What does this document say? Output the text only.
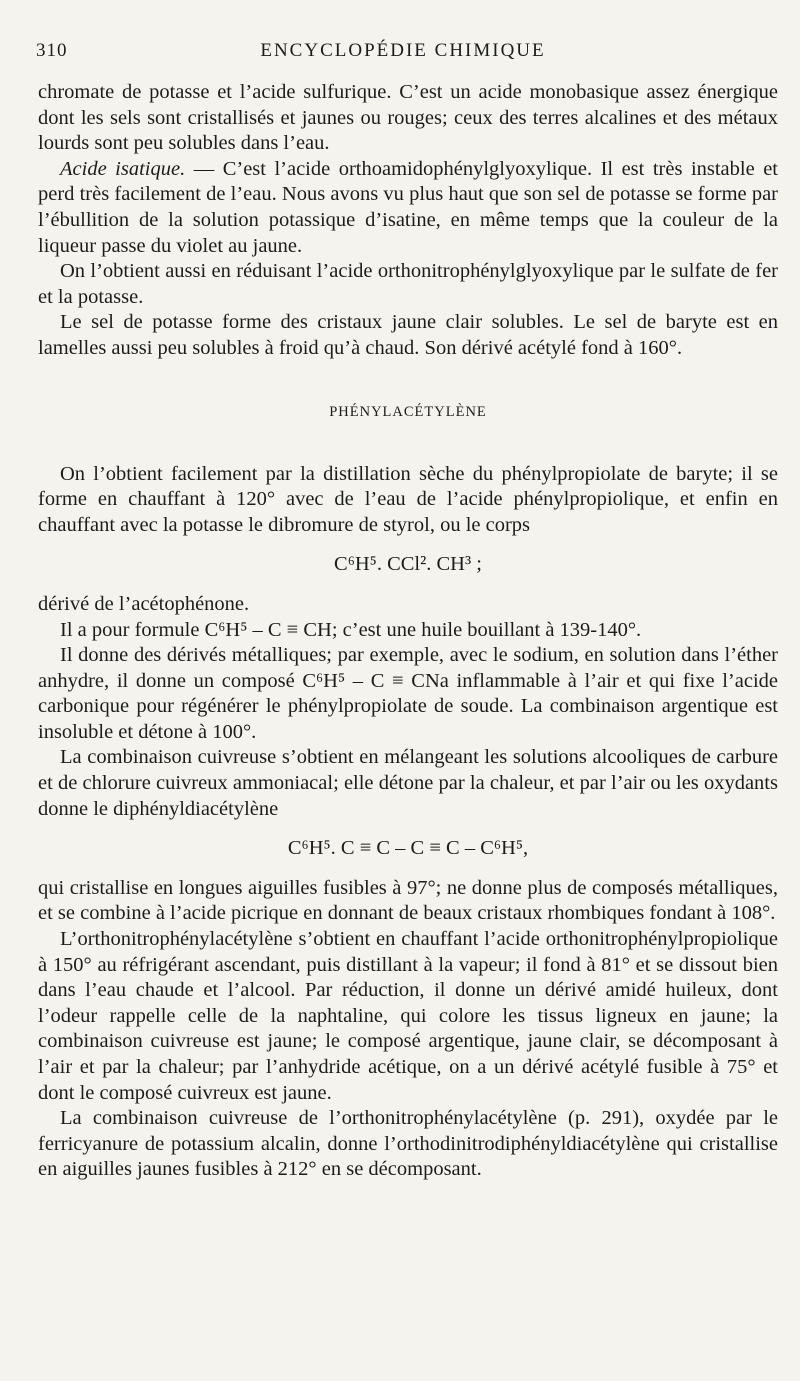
310	ENCYCLOPÉDIE CHIMIQUE

chromate de potasse et l’acide sulfurique. C’est un acide monobasique assez énergique dont les sels sont cristallisés et jaunes ou rouges; ceux des terres alcalines et des métaux lourds sont peu solubles dans l’eau.

Acide isatique. — C’est l’acide orthoamidophénylglyoxylique. Il est très instable et perd très facilement de l’eau. Nous avons vu plus haut que son sel de potasse se forme par l’ébullition de la solution potassique d’isatine, en même temps que la couleur de la liqueur passe du violet au jaune.

On l’obtient aussi en réduisant l’acide orthonitrophénylglyoxylique par le sulfate de fer et la potasse.

Le sel de potasse forme des cristaux jaune clair solubles. Le sel de baryte est en lamelles aussi peu solubles à froid qu’à chaud. Son dérivé acétylé fond à 160°.

PHÉNYLACÉTYLÈNE

On l’obtient facilement par la distillation sèche du phénylpropiolate de baryte; il se forme en chauffant à 120° avec de l’eau de l’acide phénylpropiolique, et enfin en chauffant avec la potasse le dibromure de styrol, ou le corps

C⁶H⁵. CCl². CH³ ;

dérivé de l’acétophénone.

Il a pour formule C⁶H⁵ – C ≡ CH; c’est une huile bouillant à 139-140°.

Il donne des dérivés métalliques; par exemple, avec le sodium, en solution dans l’éther anhydre, il donne un composé C⁶H⁵ – C ≡ CNa inflammable à l’air et qui fixe l’acide carbonique pour régénérer le phénylpropiolate de soude. La combinaison argentique est insoluble et détone à 100°.

La combinaison cuivreuse s’obtient en mélangeant les solutions alcooliques de carbure et de chlorure cuivreux ammoniacal; elle détone par la chaleur, et par l’air ou les oxydants donne le diphényldiacétylène

C⁶H⁵. C ≡ C – C ≡ C – C⁶H⁵,

qui cristallise en longues aiguilles fusibles à 97°; ne donne plus de composés métalliques, et se combine à l’acide picrique en donnant de beaux cristaux rhombiques fondant à 108°.

L’orthonitrophénylacétylène s’obtient en chauffant l’acide orthonitrophénylpropiolique à 150° au réfrigérant ascendant, puis distillant à la vapeur; il fond à 81° et se dissout bien dans l’eau chaude et l’alcool. Par réduction, il donne un dérivé amidé huileux, dont l’odeur rappelle celle de la naphtaline, qui colore les tissus ligneux en jaune; la combinaison cuivreuse est jaune; le composé argentique, jaune clair, se décomposant à l’air et par la chaleur; par l’anhydride acétique, on a un dérivé acétylé fusible à 75° et dont le composé cuivreux est jaune.

La combinaison cuivreuse de l’orthonitrophénylacétylène (p. 291), oxydée par le ferricyanure de potassium alcalin, donne l’orthodinitrodiphényldiacétylène qui cristallise en aiguilles jaunes fusibles à 212° en se décomposant.
